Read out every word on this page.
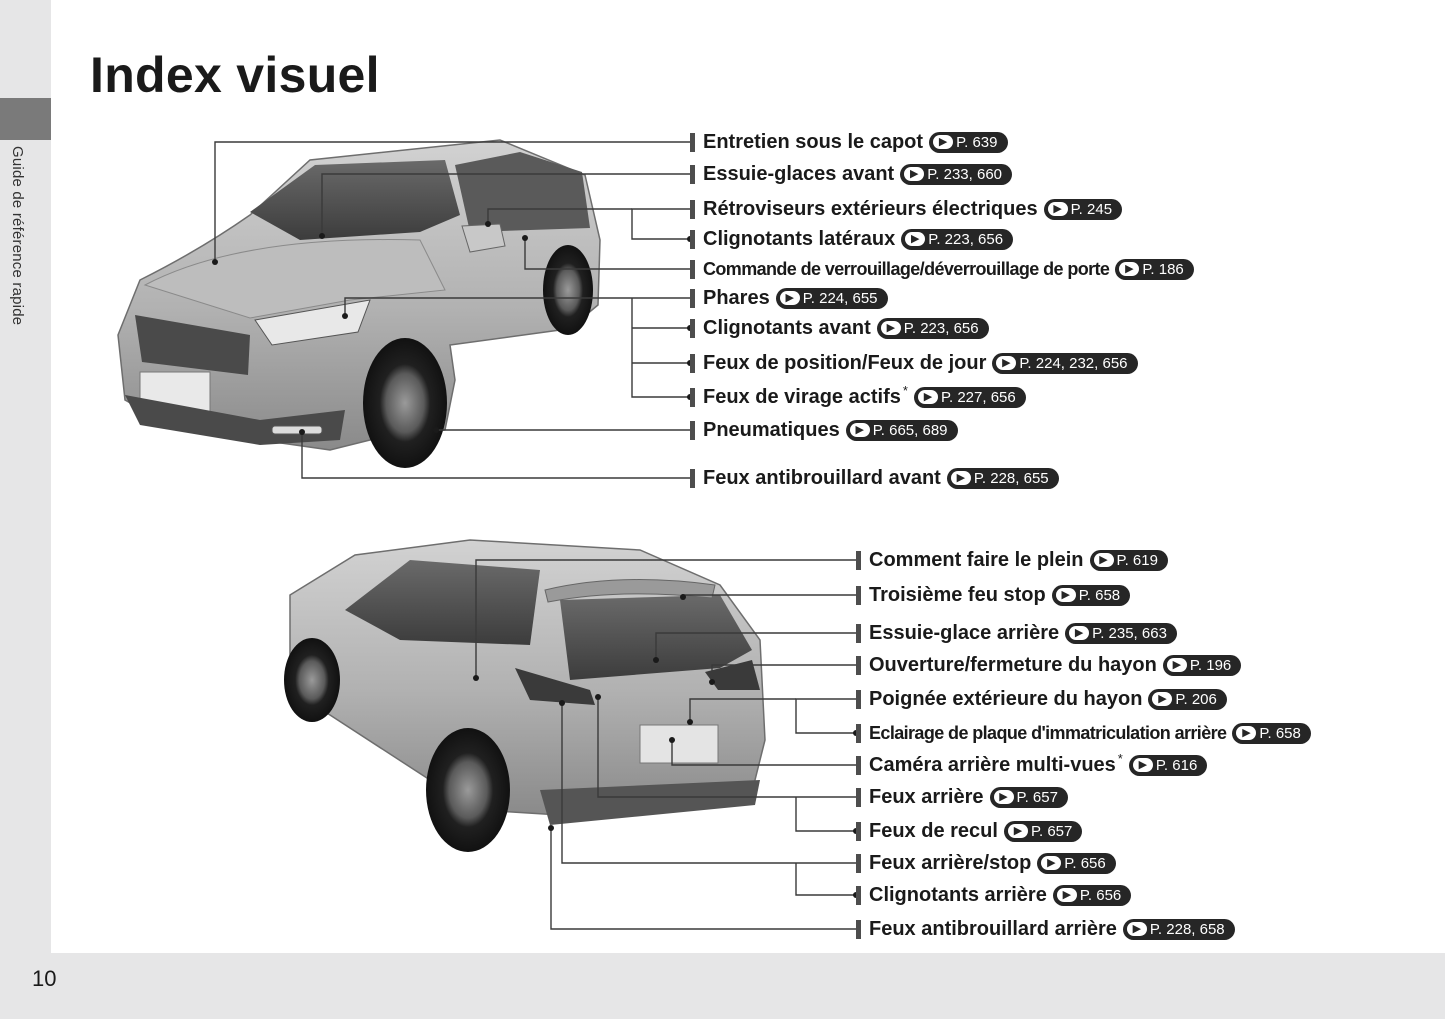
Guide de référence rapide
10
Index visuel
Entretien sous le capot	▶ P. 639
Essuie-glaces avant	▶ P. 233, 660
Rétroviseurs extérieurs électriques	▶ P. 245
Clignotants latéraux	▶ P. 223, 656
Commande de verrouillage/déverrouillage de porte	▶ P. 186
Phares	▶ P. 224, 655
Clignotants avant	▶ P. 223, 656
Feux de position/Feux de jour	▶ P. 224, 232, 656
Feux de virage actifs *	▶ P. 227, 656
Pneumatiques	▶ P. 665, 689
Feux antibrouillard avant	▶ P. 228, 655
Comment faire le plein	▶ P. 619
Troisième feu stop	▶ P. 658
Essuie-glace arrière	▶ P. 235, 663
Ouverture/fermeture du hayon	▶ P. 196
Poignée extérieure du hayon	▶ P. 206
Eclairage de plaque d'immatriculation arrière	▶ P. 658
Caméra arrière multi-vues *	▶ P. 616
Feux arrière	▶ P. 657
Feux de recul	▶ P. 657
Feux arrière/stop	▶ P. 656
Clignotants arrière	▶ P. 656
Feux antibrouillard arrière	▶ P. 228, 658
